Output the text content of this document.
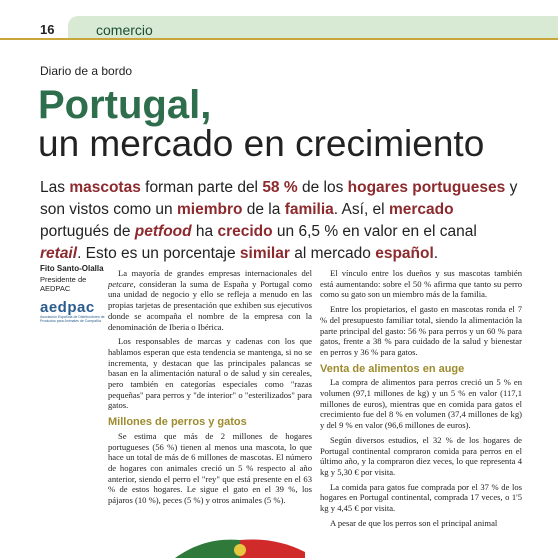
16	comercio
Diario de a bordo
Portugal,
un mercado en crecimiento
Las mascotas forman parte del 58 % de los hogares portugueses y son vistos como un miembro de la familia. Así, el mercado portugués de petfood ha crecido un 6,5 % en valor en el canal retail. Esto es un porcentaje similar al mercado español.
Fito Santo-Olalla
Presidente de AEDPAC
aedpac
Asociación Española de Distribuidores de Productos para Animales de Compañía

La mayoría de grandes empresas internacionales del petcare, consideran la suma de España y Portugal como una unidad de negocio y ello se refleja a menudo en las propias tarjetas de presentación que exhiben sus ejecutivos donde se acompaña el nombre de la empresa con la denominación de Iberia o Ibérica.

Los responsables de marcas y cadenas con los que hablamos esperan que esta tendencia se mantenga, si no se incrementa, y destacan que las principales palancas se basan en la alimentación natural o de salud y sin cereales, pero también en categorías especiales como "razas pequeñas" para perros y "de interior" o "esterilizados" para gatos.

Millones de perros y gatos

Se estima que más de 2 millones de hogares portugueses (56 %) tienen al menos una mascota, lo que hace un total de más de 6 millones de mascotas. El número de hogares con animales creció un 5 % respecto al año anterior, siendo el perro el "rey" que está presente en el 63 % de estos hogares. Le sigue el gato en el 39 %, los pájaros (10 %), peces (5 %) y otros animales (5 %).

El vínculo entre los dueños y sus mascotas también está aumentando: sobre el 50 % afirma que tanto su perro como su gato son un miembro más de la familia.

Entre los propietarios, el gasto en mascotas ronda el 7 % del presupuesto familiar total, siendo la alimentación la parte principal del gasto: 56 % para perros y un 60 % para gatos, frente a 38 % para cuidado de la salud y bienestar en perros y 36 % para gatos.

Venta de alimentos en auge

La compra de alimentos para perros creció un 5 % en volumen (97,1 millones de kg) y un 5 % en valor (117,1 millones de euros), mientras que en comida para gatos el crecimiento fue del 8 % en volumen (37,4 millones de kg) y del 9 % en valor (96,6 millones de euros).

Según diversos estudios, el 32 % de los hogares de Portugal continental compraron comida para perros en el último año, y la compraron diez veces, lo que representa 4 kg y 5,30 € por visita.

La comida para gatos fue comprada por el 37 % de los hogares en Portugal continental, comprada 17 veces, o 1'5 kg y 4,45 € por visita.

A pesar de que los perros son el principal animal
